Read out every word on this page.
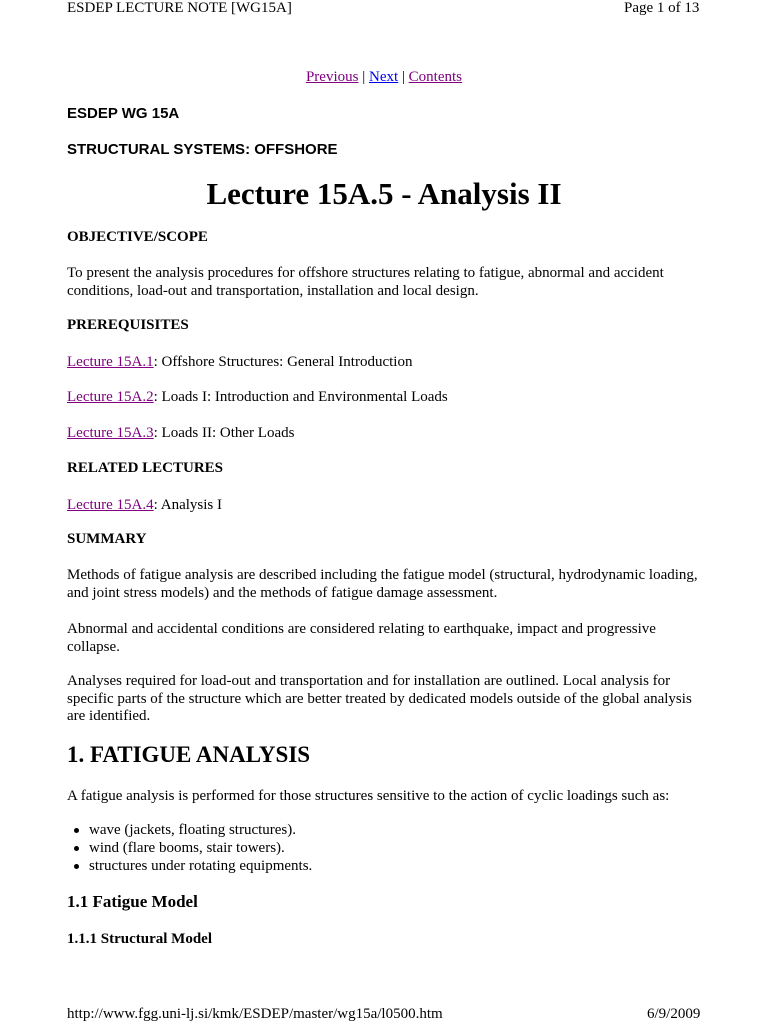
ESDEP LECTURE NOTE [WG15A]	Page 1 of 13
Previous | Next | Contents
ESDEP WG 15A
STRUCTURAL SYSTEMS: OFFSHORE
Lecture 15A.5 - Analysis II
OBJECTIVE/SCOPE
To present the analysis procedures for offshore structures relating to fatigue, abnormal and accident conditions, load-out and transportation, installation and local design.
PREREQUISITES
Lecture 15A.1: Offshore Structures: General Introduction
Lecture 15A.2: Loads I: Introduction and Environmental Loads
Lecture 15A.3: Loads II: Other Loads
RELATED LECTURES
Lecture 15A.4: Analysis I
SUMMARY
Methods of fatigue analysis are described including the fatigue model (structural, hydrodynamic loading, and joint stress models) and the methods of fatigue damage assessment.
Abnormal and accidental conditions are considered relating to earthquake, impact and progressive collapse.
Analyses required for load-out and transportation and for installation are outlined. Local analysis for specific parts of the structure which are better treated by dedicated models outside of the global analysis are identified.
1. FATIGUE ANALYSIS
A fatigue analysis is performed for those structures sensitive to the action of cyclic loadings such as:
wave (jackets, floating structures).
wind (flare booms, stair towers).
structures under rotating equipments.
1.1 Fatigue Model
1.1.1 Structural Model
http://www.fgg.uni-lj.si/kmk/ESDEP/master/wg15a/l0500.htm	6/9/2009
